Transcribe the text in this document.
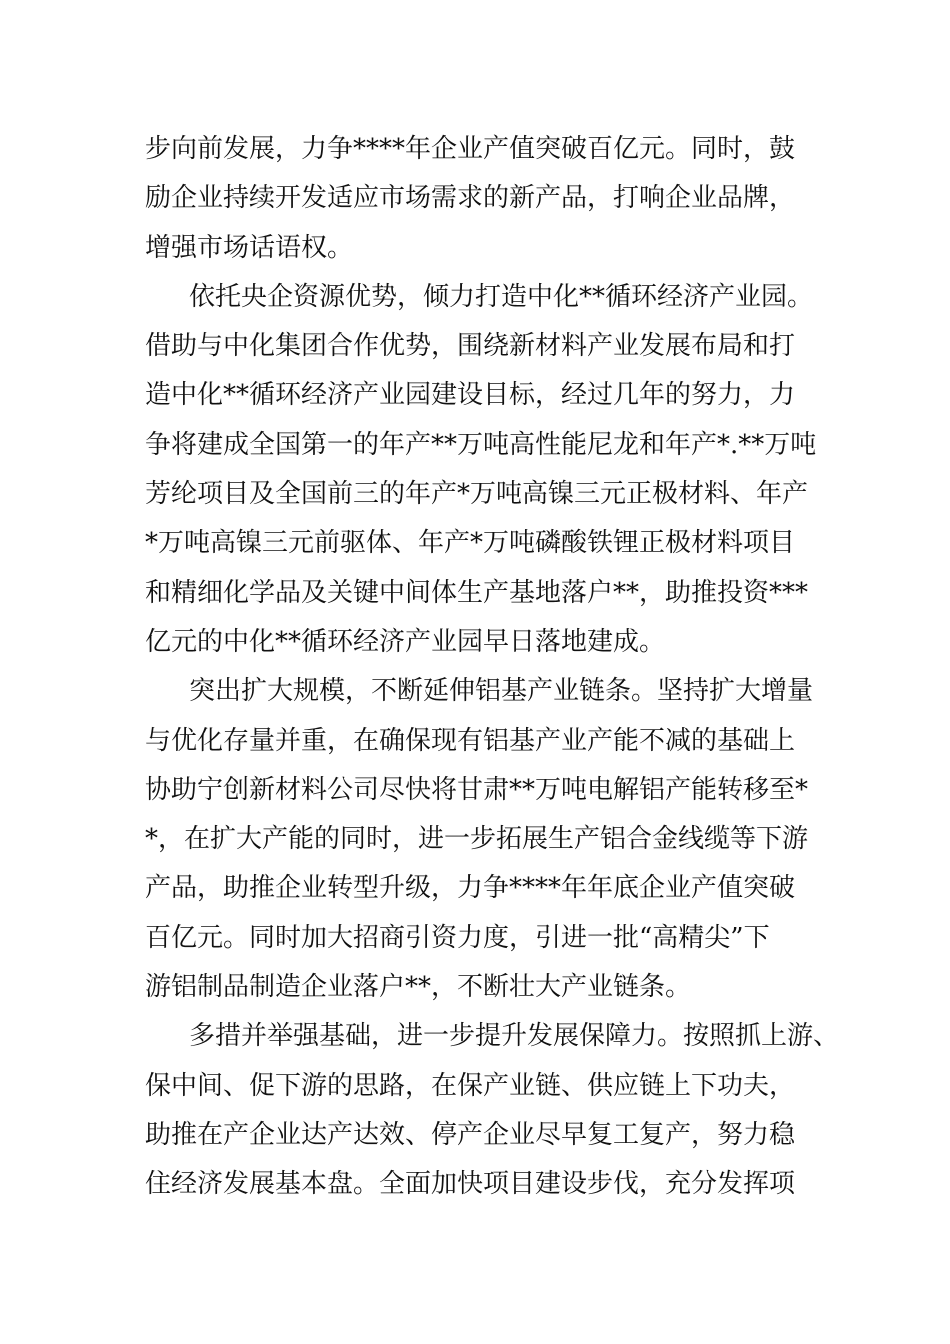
步向前发展，力争****年企业产值突破百亿元。同时，鼓
励企业持续开发适应市场需求的新产品，打响企业品牌，
增强市场话语权。
依托央企资源优势，倾力打造中化**循环经济产业园。
借助与中化集团合作优势，围绕新材料产业发展布局和打
造中化**循环经济产业园建设目标，经过几年的努力，力
争将建成全国第一的年产**万吨高性能尼龙和年产*.**万吨
芳纶项目及全国前三的年产*万吨高镍三元正极材料、年产
*万吨高镍三元前驱体、年产*万吨磷酸铁锂正极材料项目
和精细化学品及关键中间体生产基地落户**，助推投资***
亿元的中化**循环经济产业园早日落地建成。
突出扩大规模，不断延伸铝基产业链条。坚持扩大增量
与优化存量并重，在确保现有铝基产业产能不减的基础上
协助宁创新材料公司尽快将甘肃**万吨电解铝产能转移至*
*，在扩大产能的同时，进一步拓展生产铝合金线缆等下游
产品，助推企业转型升级，力争****年年底企业产值突破
百亿元。同时加大招商引资力度，引进一批“高精尖”下
游铝制品制造企业落户**，不断壮大产业链条。
多措并举强基础，进一步提升发展保障力。按照抓上游、
保中间、促下游的思路，在保产业链、供应链上下功夫，
助推在产企业达产达效、停产企业尽早复工复产，努力稳
住经济发展基本盘。全面加快项目建设步伐，充分发挥项
